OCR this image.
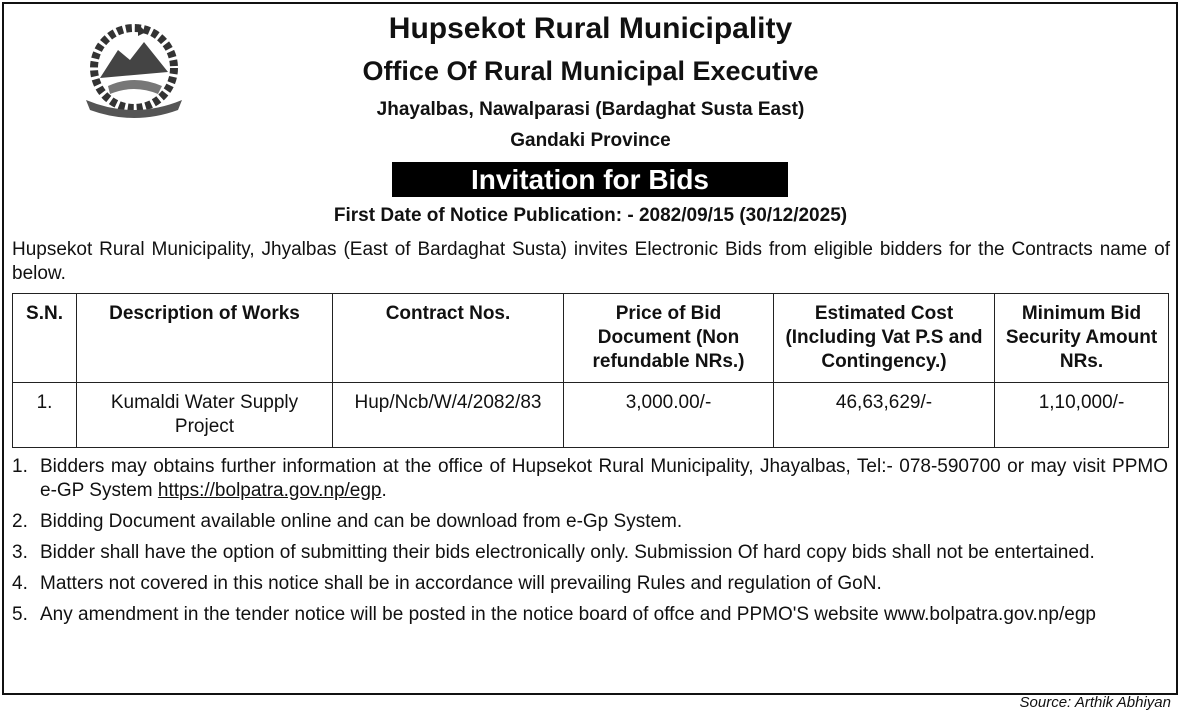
Hupsekot Rural Municipality
Office Of Rural Municipal Executive
Jhayalbas, Nawalparasi (Bardaghat Susta East)
Gandaki Province
Invitation for Bids
First Date of Notice Publication: - 2082/09/15 (30/12/2025)
Hupsekot Rural Municipality, Jhyalbas (East of Bardaghat Susta) invites Electronic Bids from eligible bidders for the Contracts name of below.
S.N.	Description of Works	Contract Nos.	Price of Bid Document (Non refundable NRs.)	Estimated Cost (Including Vat P.S and Contingency.)	Minimum Bid Security Amount NRs.
1.	Kumaldi Water Supply Project	Hup/Ncb/W/4/2082/83	3,000.00/-	46,63,629/-	1,10,000/-
1. Bidders may obtains further information at the office of Hupsekot Rural Municipality, Jhayalbas, Tel:- 078-590700 or may visit PPMO e-GP System https://bolpatra.gov.np/egp.
2. Bidding Document available online and can be download from e-Gp System.
3. Bidder shall have the option of submitting their bids electronically only. Submission Of hard copy bids shall not be entertained.
4. Matters not covered in this notice shall be in accordance will prevailing Rules and regulation of GoN.
5. Any amendment in the tender notice will be posted in the notice board of offce and PPMO'S website www.bolpatra.gov.np/egp
Source: Arthik Abhiyan
